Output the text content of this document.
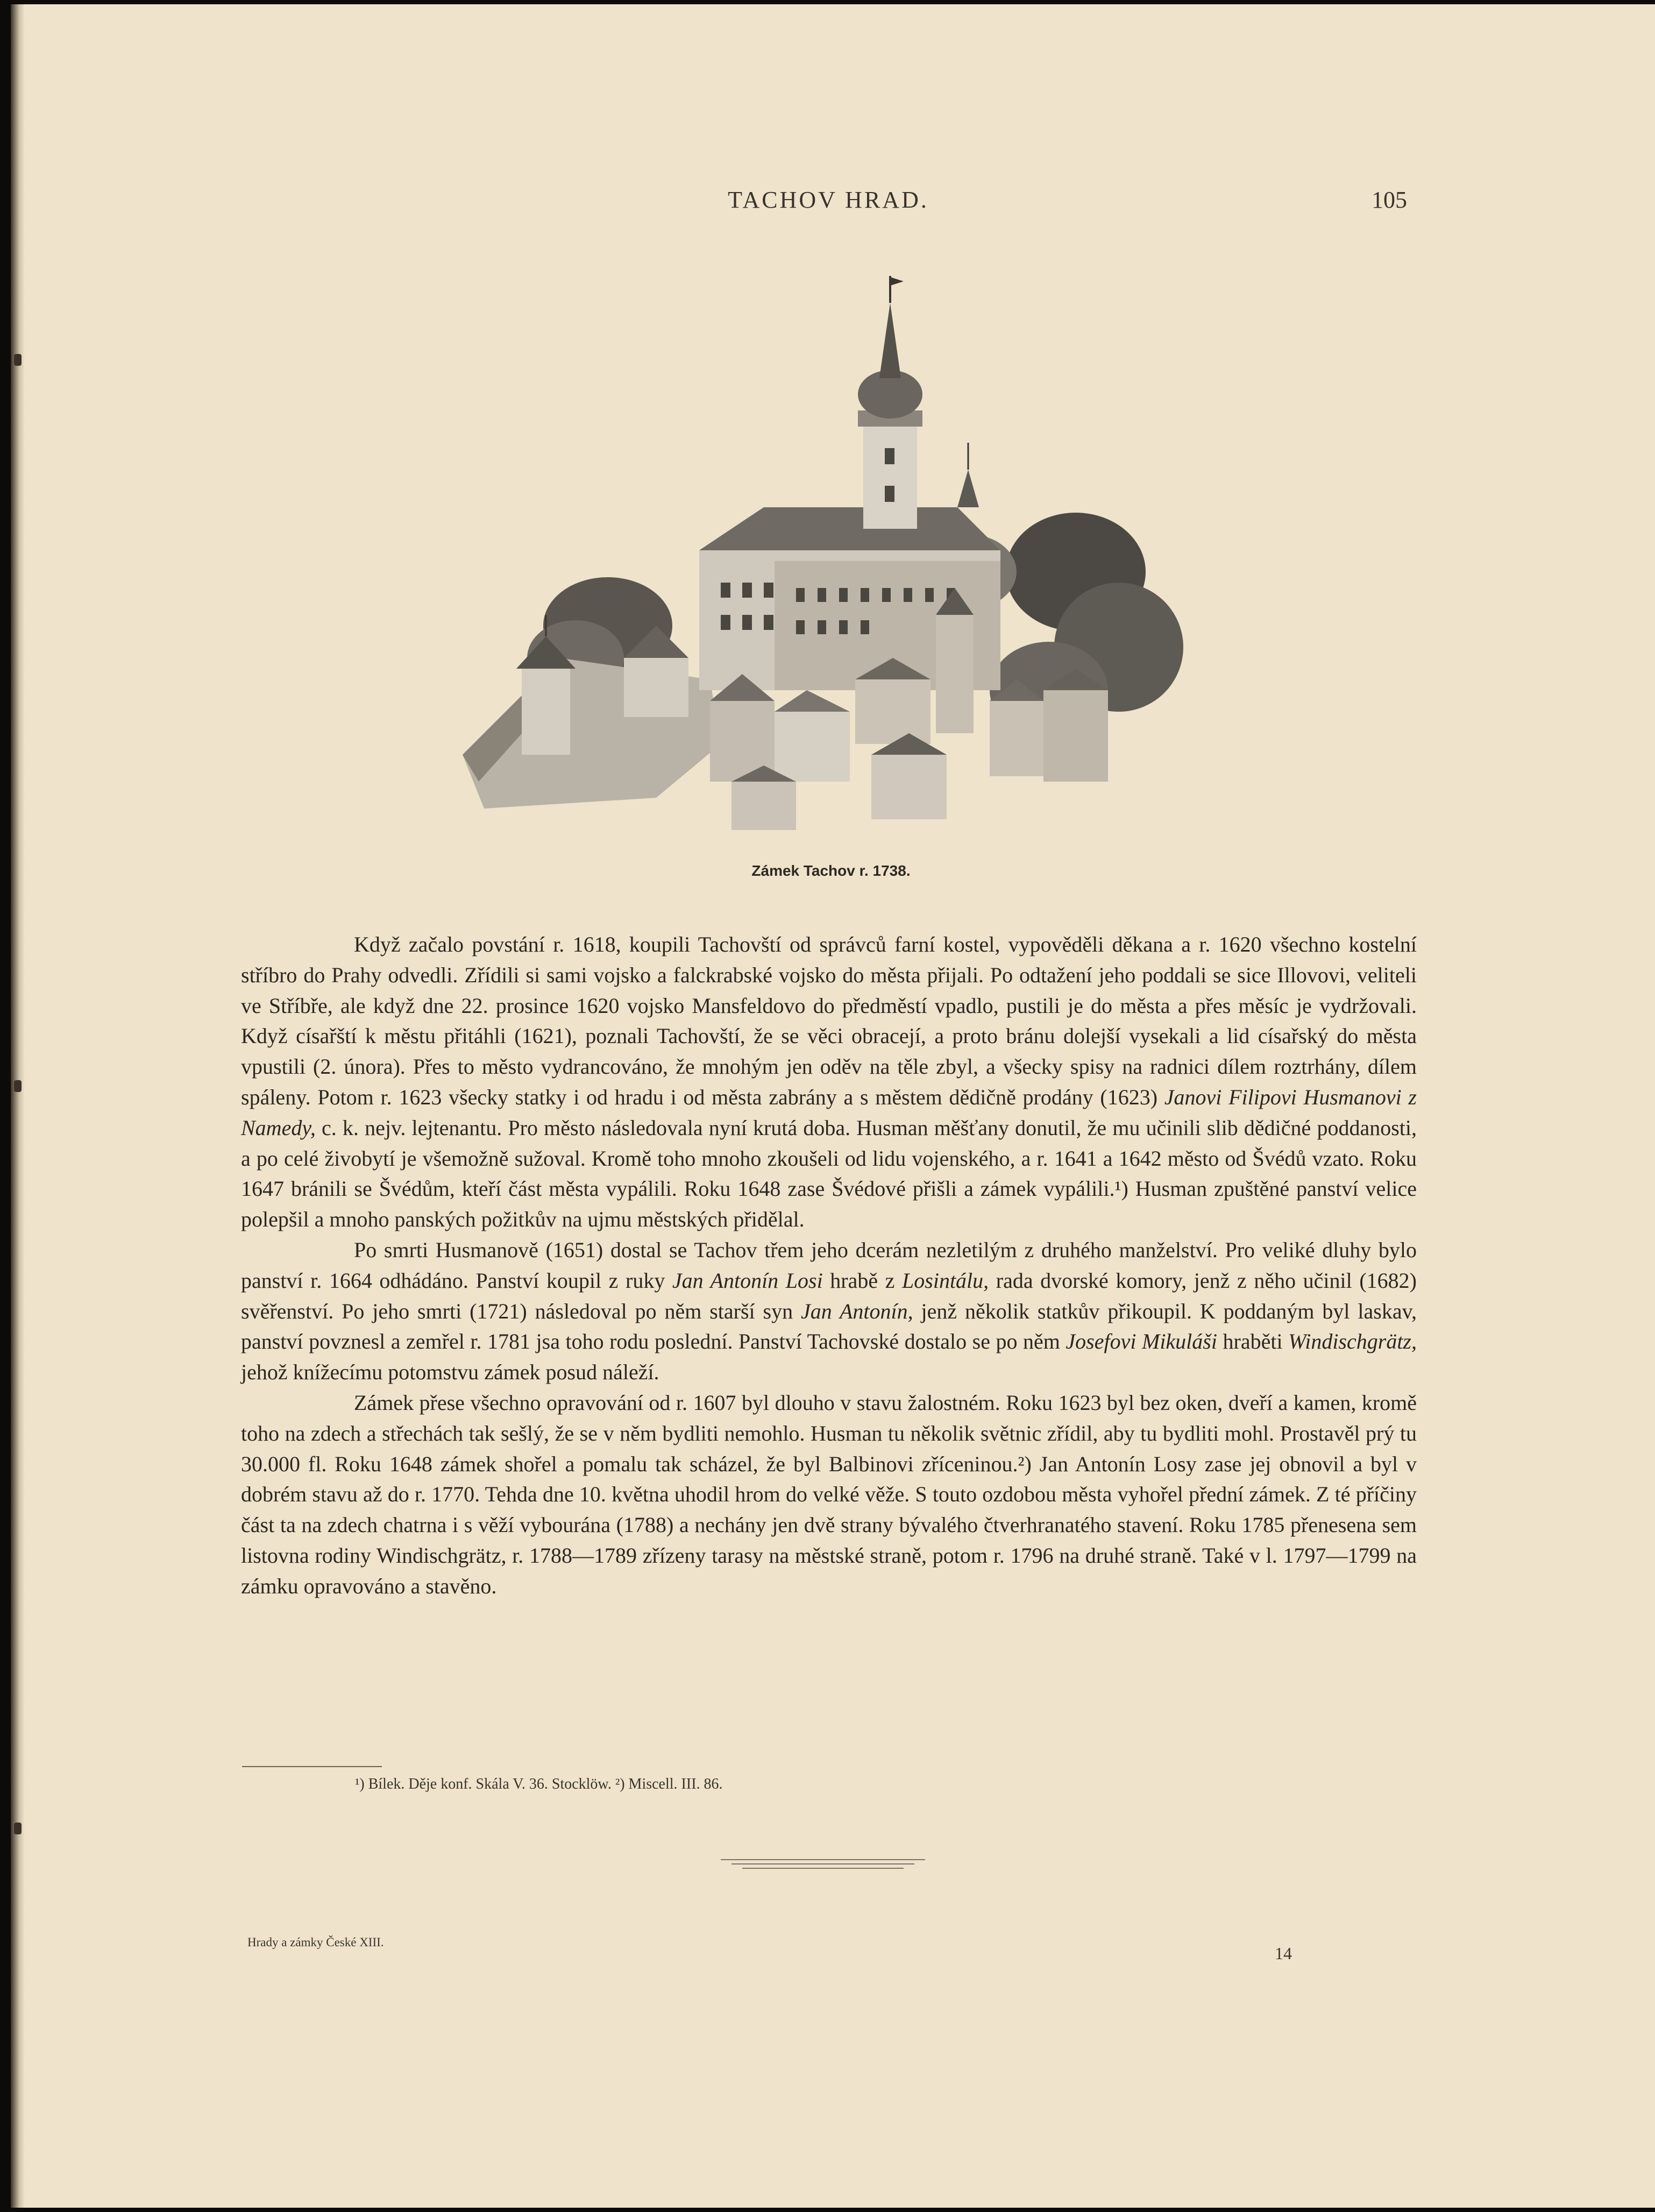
TACHOV HRAD.	105
Zámek Tachov r. 1738.

Když začalo povstání r. 1618, koupili Tachovští od správců farní kostel, vypověděli děkana a r. 1620 všechno kostelní stříbro do Prahy odvedli. Zřídili si sami vojsko a falckrabské vojsko do města přijali. Po odtažení jeho poddali se sice Illovovi, veliteli ve Stříbře, ale když dne 22. prosince 1620 vojsko Mansfeldovo do předměstí vpadlo, pustili je do města a přes měsíc je vydržovali. Když císařští k městu přitáhli (1621), poznali Tachovští, že se věci obracejí, a proto bránu dolejší vysekali a lid císařský do města vpustili (2. února). Přes to město vydrancováno, že mnohým jen oděv na těle zbyl, a všecky spisy na radnici dílem roztrhány, dílem spáleny. Potom r. 1623 všecky statky i od hradu i od města zabrány a s městem dědičně prodány (1623) Janovi Filipovi Husmanovi z Namedy, c. k. nejv. lejtenantu. Pro město následovala nyní krutá doba. Husman měšťany donutil, že mu učinili slib dědičné poddanosti, a po celé živobytí je všemožně sužoval. Kromě toho mnoho zkoušeli od lidu vojenského, a r. 1641 a 1642 město od Švédů vzato. Roku 1647 bránili se Švédům, kteří část města vypálili. Roku 1648 zase Švédové přišli a zámek vypálili.¹) Husman zpuštěné panství velice polepšil a mnoho panských požitkův na ujmu městských přidělal.

Po smrti Husmanově (1651) dostal se Tachov třem jeho dcerám nezletilým z druhého manželství. Pro veliké dluhy bylo panství r. 1664 odhádáno. Panství koupil z ruky Jan Antonín Losi hrabě z Losintálu, rada dvorské komory, jenž z něho učinil (1682) svěřenství. Po jeho smrti (1721) následoval po něm starší syn Jan Antonín, jenž několik statkův přikoupil. K poddaným byl laskav, panství povznesl a zemřel r. 1781 jsa toho rodu poslední. Panství Tachovské dostalo se po něm Josefovi Mikuláši hraběti Windischgrätz, jehož knížecímu potomstvu zámek posud náleží.

Zámek přese všechno opravování od r. 1607 byl dlouho v stavu žalostném. Roku 1623 byl bez oken, dveří a kamen, kromě toho na zdech a střechách tak sešlý, že se v něm bydliti nemohlo. Husman tu několik světnic zřídil, aby tu bydliti mohl. Prostavěl prý tu 30.000 fl. Roku 1648 zámek shořel a pomalu tak scházel, že byl Balbinovi zříceninou.²) Jan Antonín Losy zase jej obnovil a byl v dobrém stavu až do r. 1770. Tehda dne 10. května uhodil hrom do velké věže. S touto ozdobou města vyhořel přední zámek. Z té příčiny část ta na zdech chatrna i s věží vybourána (1788) a nechány jen dvě strany bývalého čtverhranatého stavení. Roku 1785 přenesena sem listovna rodiny Windischgrätz, r. 1788—1789 zřízeny tarasy na městské straně, potom r. 1796 na druhé straně. Také v l. 1797—1799 na zámku opravováno a stavěno.

¹) Bílek. Děje konf. Skála V. 36. Stocklöw. ²) Miscell. III. 86.
Hrady a zámky České XIII.
14
